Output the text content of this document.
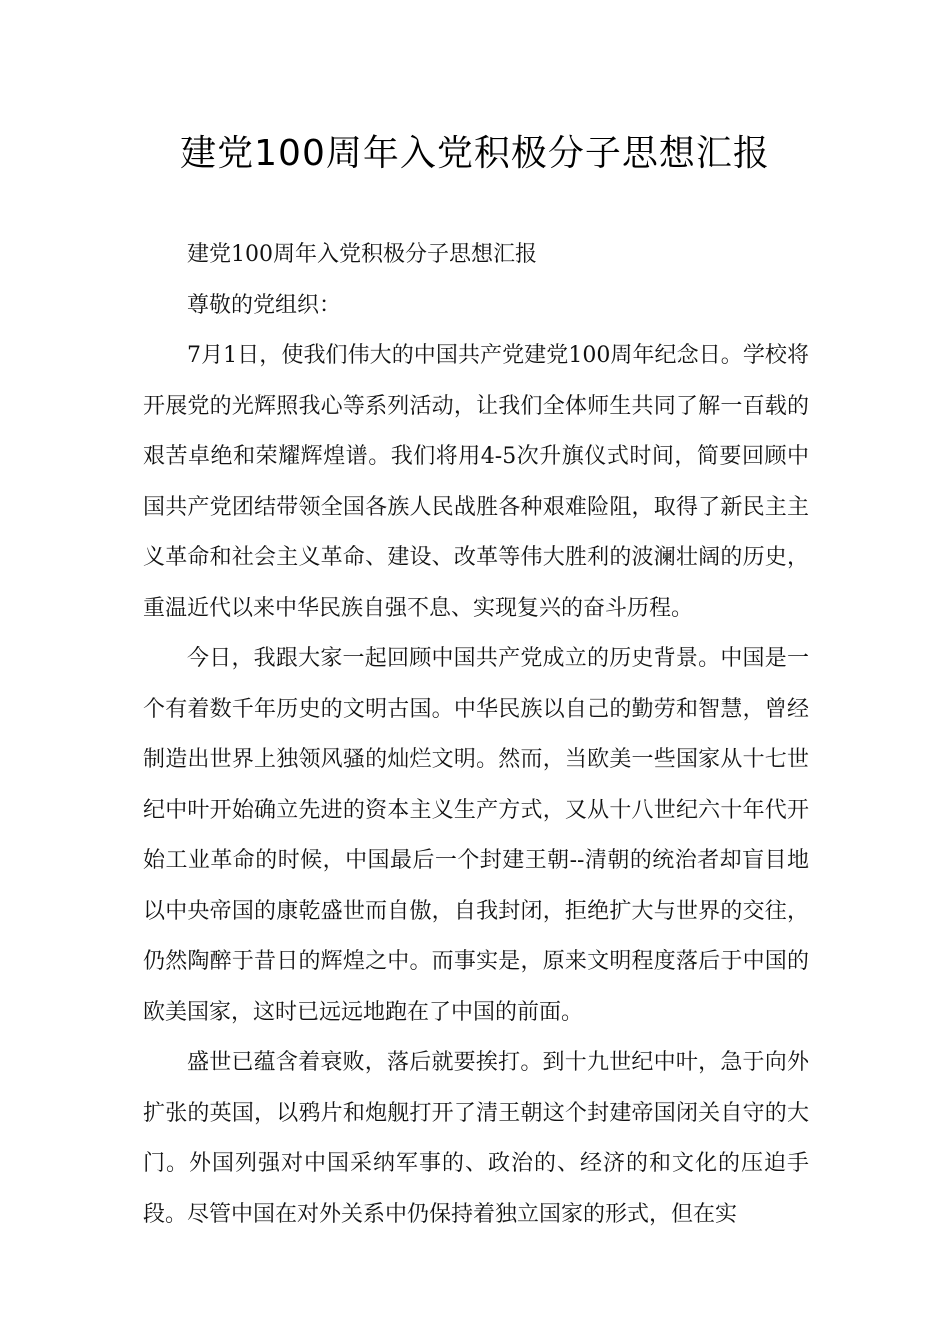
建党100周年入党积极分子思想汇报

建党100周年入党积极分子思想汇报

尊敬的党组织：

7月1日，使我们伟大的中国共产党建党100周年纪念日。学校将开展党的光辉照我心等系列活动，让我们全体师生共同了解一百载的艰苦卓绝和荣耀辉煌谱。我们将用4-5次升旗仪式时间，简要回顾中国共产党团结带领全国各族人民战胜各种艰难险阻，取得了新民主主义革命和社会主义革命、建设、改革等伟大胜利的波澜壮阔的历史，重温近代以来中华民族自强不息、实现复兴的奋斗历程。

今日，我跟大家一起回顾中国共产党成立的历史背景。中国是一个有着数千年历史的文明古国。中华民族以自己的勤劳和智慧，曾经制造出世界上独领风骚的灿烂文明。然而，当欧美一些国家从十七世纪中叶开始确立先进的资本主义生产方式，又从十八世纪六十年代开始工业革命的时候，中国最后一个封建王朝--清朝的统治者却盲目地以中央帝国的康乾盛世而自傲，自我封闭，拒绝扩大与世界的交往，仍然陶醉于昔日的辉煌之中。而事实是，原来文明程度落后于中国的欧美国家，这时已远远地跑在了中国的前面。

盛世已蕴含着衰败，落后就要挨打。到十九世纪中叶，急于向外扩张的英国，以鸦片和炮舰打开了清王朝这个封建帝国闭关自守的大门。外国列强对中国采纳军事的、政治的、经济的和文化的压迫手段。尽管中国在对外关系中仍保持着独立国家的形式，但在实
